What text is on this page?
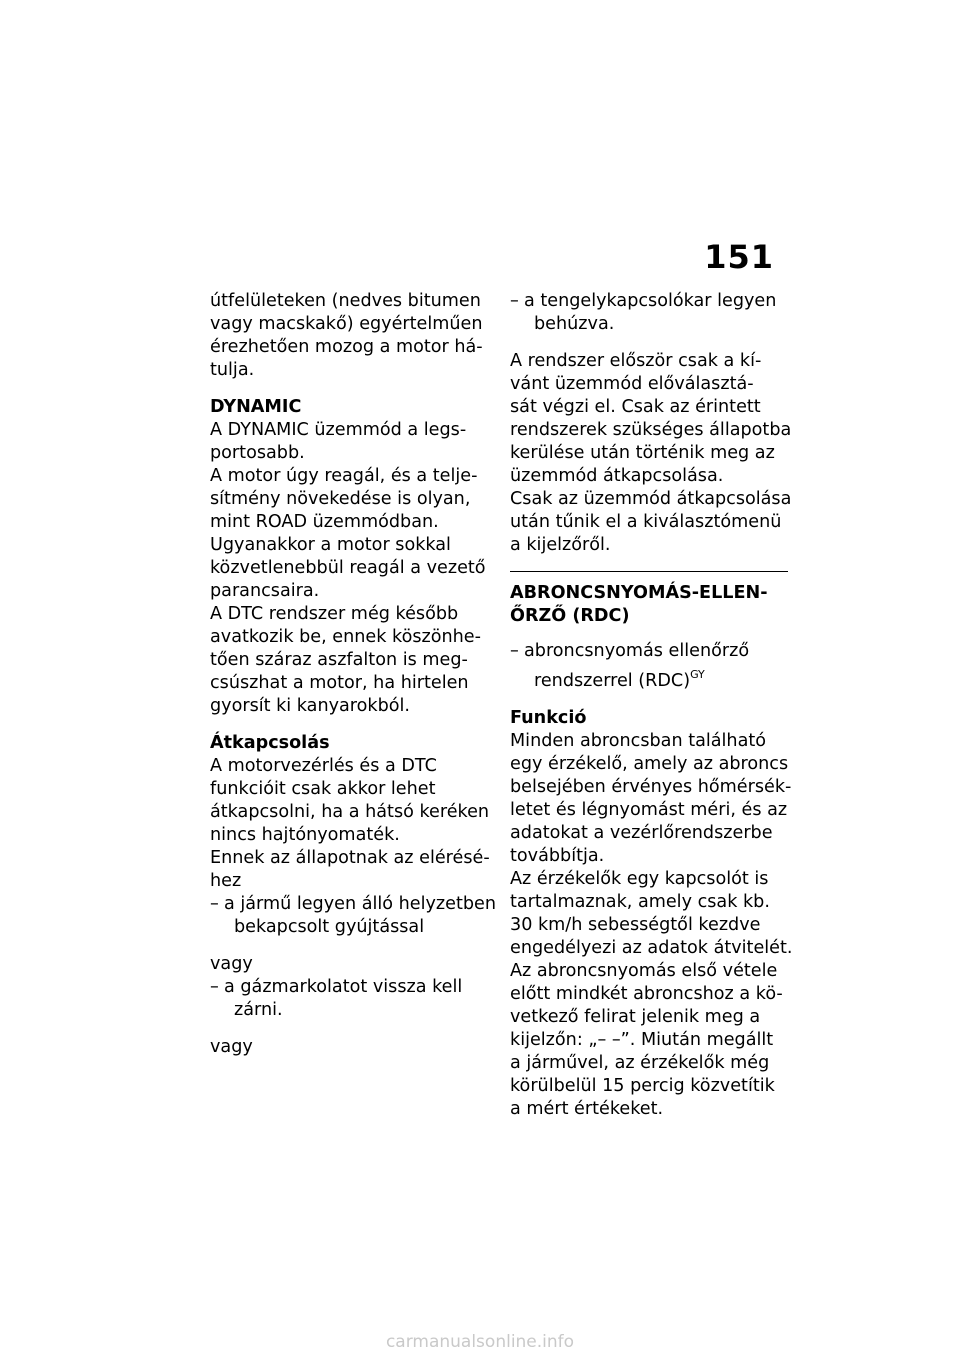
151
útfelületeken (nedves bitumen
vagy macskakő) egyértelműen
érezhetően mozog a motor há-
tulja.
DYNAMIC
A DYNAMIC üzemmód a legs-
portosabb.
A motor úgy reagál, és a telje-
sítmény növekedése is olyan,
mint ROAD üzemmódban.
Ugyanakkor a motor sokkal
közvetlenebbül reagál a vezető
parancsaira.
A DTC rendszer még később
avatkozik be, ennek köszönhe-
tően száraz aszfalton is meg-
csúszhat a motor, ha hirtelen
gyorsít ki kanyarokból.
Átkapcsolás
A motorvezérlés és a DTC
funkcióit csak akkor lehet
átkapcsolni, ha a hátsó keréken
nincs hajtónyomaték.
Ennek az állapotnak az elérésé-
hez
– a jármű legyen álló helyzetben
bekapcsolt gyújtással
vagy
– a gázmarkolatot vissza kell
zárni.
vagy
– a tengelykapcsolókar legyen
behúzva.
A rendszer először csak a kí-
vánt üzemmód előválasztá-
sát végzi el. Csak az érintett
rendszerek szükséges állapotba
kerülése után történik meg az
üzemmód átkapcsolása.
Csak az üzemmód átkapcsolása
után tűnik el a kiválasztómenü
a kijelzőről.
ABRONCSNYOMÁS-ELLEN-
ŐRZŐ (RDC)
– abroncsnyomás ellenőrző
rendszerrel (RDC)$^{GY}$
Funkció
Minden abroncsban található
egy érzékelő, amely az abroncs
belsejében érvényes hőmérsék-
letet és légnyomást méri, és az
adatokat a vezérlőrendszerbe
továbbítja.
Az érzékelők egy kapcsolót is
tartalmaznak, amely csak kb.
30 km/h sebességtől kezdve
engedélyezi az adatok átvitelét.
Az abroncsnyomás első vétele
előtt mindkét abroncshoz a kö-
vetkező felirat jelenik meg a
kijelzőn: „– –”. Miután megállt
a járművel, az érzékelők még
körülbelül 15 percig közvetítik
a mért értékeket.
carmanualsonline.info
